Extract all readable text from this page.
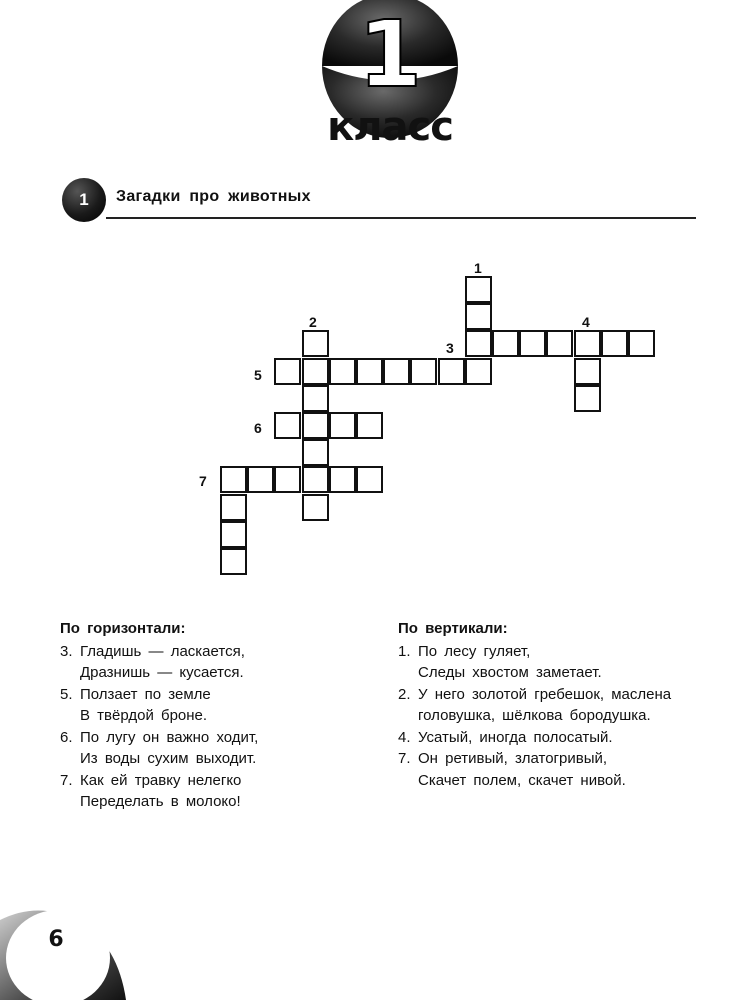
1
класс
1	Загадки про животных
1
2
3
4
5
6
7
По горизонтали:
3. Гладишь — ласкается,
Дразнишь — кусается.
5. Ползает по земле
В твёрдой броне.
6. По лугу он важно ходит,
Из воды сухим выходит.
7. Как ей травку нелегко
Переделать в молоко!
По вертикали:
1. По лесу гуляет,
Следы хвостом заметает.
2. У него золотой гребешок, маслена
головушка, шёлкова бородушка.
4. Усатый, иногда полосатый.
7. Он ретивый, златогривый,
Скачет полем, скачет нивой.
6
